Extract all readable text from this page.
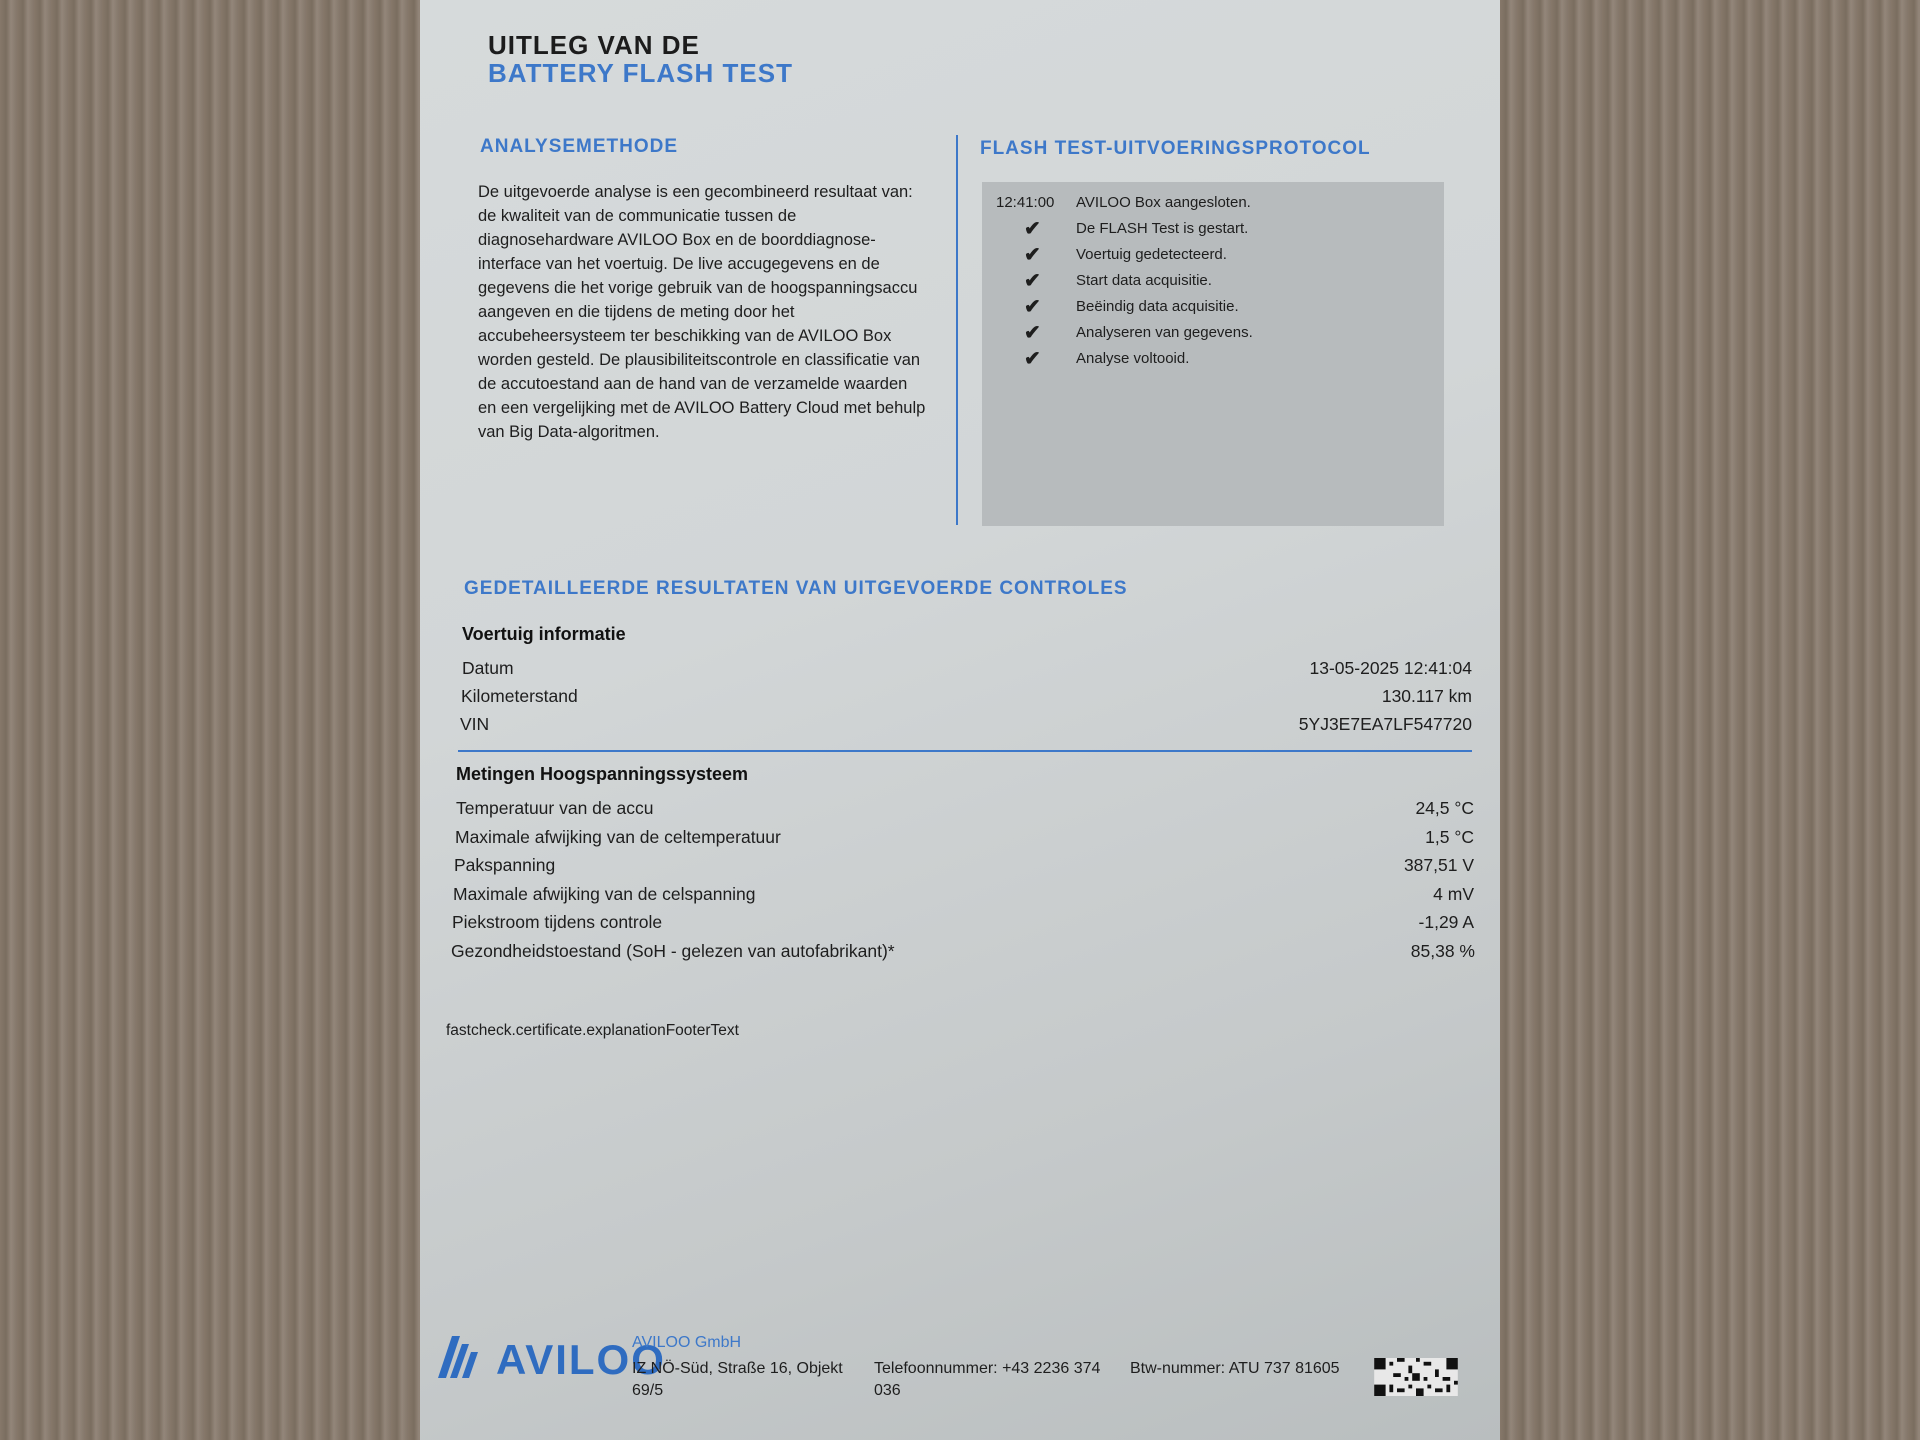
UITLEG VAN DE
BATTERY FLASH TEST
ANALYSEMETHODE
De uitgevoerde analyse is een gecombineerd resultaat van: de kwaliteit van de communicatie tussen de diagnosehardware AVILOO Box en de boorddiagnose-interface van het voertuig. De live accugegevens en de gegevens die het vorige gebruik van de hoogspanningsaccu aangeven en die tijdens de meting door het accubeheersysteem ter beschikking van de AVILOO Box worden gesteld. De plausibiliteitscontrole en classificatie van de accutoestand aan de hand van de verzamelde waarden en een vergelijking met de AVILOO Battery Cloud met behulp van Big Data-algoritmen.
FLASH TEST-UITVOERINGSPROTOCOL
12:41:00 AVILOO Box aangesloten.
✔ De FLASH Test is gestart.
✔ Voertuig gedetecteerd.
✔ Start data acquisitie.
✔ Beëindig data acquisitie.
✔ Analyseren van gegevens.
✔ Analyse voltooid.
GEDETAILLEERDE RESULTATEN VAN UITGEVOERDE CONTROLES
Voertuig informatie
Datum	13-05-2025 12:41:04
Kilometerstand	130.117 km
VIN	5YJ3E7EA7LF547720
Metingen Hoogspanningssysteem
Temperatuur van de accu	24,5 °C
Maximale afwijking van de celtemperatuur	1,5 °C
Pakspanning	387,51 V
Maximale afwijking van de celspanning	4 mV
Piekstroom tijdens controle	-1,29 A
Gezondheidstoestand (SoH - gelezen van autofabrikant)*	85,38 %
fastcheck.certificate.explanationFooterText
AVILOO
AVILOO GmbH
IZ NÖ-Süd, Straße 16, Objekt 69/5
Telefoonnummer: +43 2236 374 036
Btw-nummer: ATU 737 81605
